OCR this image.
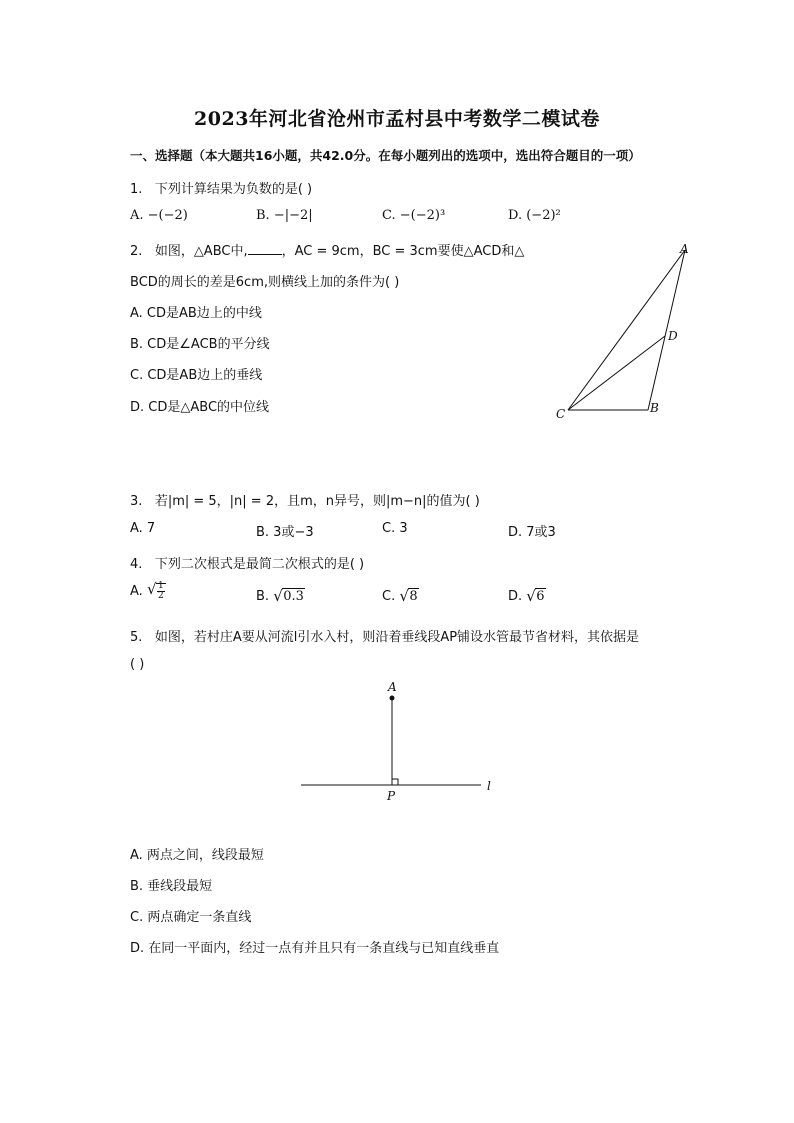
2023年河北省沧州市孟村县中考数学二模试卷
一、选择题（本大题共16小题，共42.0分。在每小题列出的选项中，选出符合题目的一项）
1. 下列计算结果为负数的是( )
A. −(−2)	B. −|−2|	C. −(−2)³	D. (−2)²
2. 如图，△ABC中,	，AC = 9cm，BC = 3cm要使△ACD和△
BCD的周长的差是6cm,则横线上加的条件为( )
A. CD是AB边上的中线
B. CD是∠ACB的平分线
C. CD是AB边上的垂线
D. CD是△ABC的中位线
A
D
C	B
3. 若|m| = 5，|n| = 2，且m，n异号，则|m−n|的值为( )
A. 7	B. 3或−3	C. 3	D. 7或3
4. 下列二次根式是最简二次根式的是( )
A. √ $\frac{1}{2}$	B. √ 0.3	C. √ 8	D. √ 6
5. 如图，若村庄A要从河流l引水入村，则沿着垂线段AP铺设水管最节省材料，其依据是
( )
A
P
l
A. 两点之间，线段最短
B. 垂线段最短
C. 两点确定一条直线
D. 在同一平面内，经过一点有并且只有一条直线与已知直线垂直
